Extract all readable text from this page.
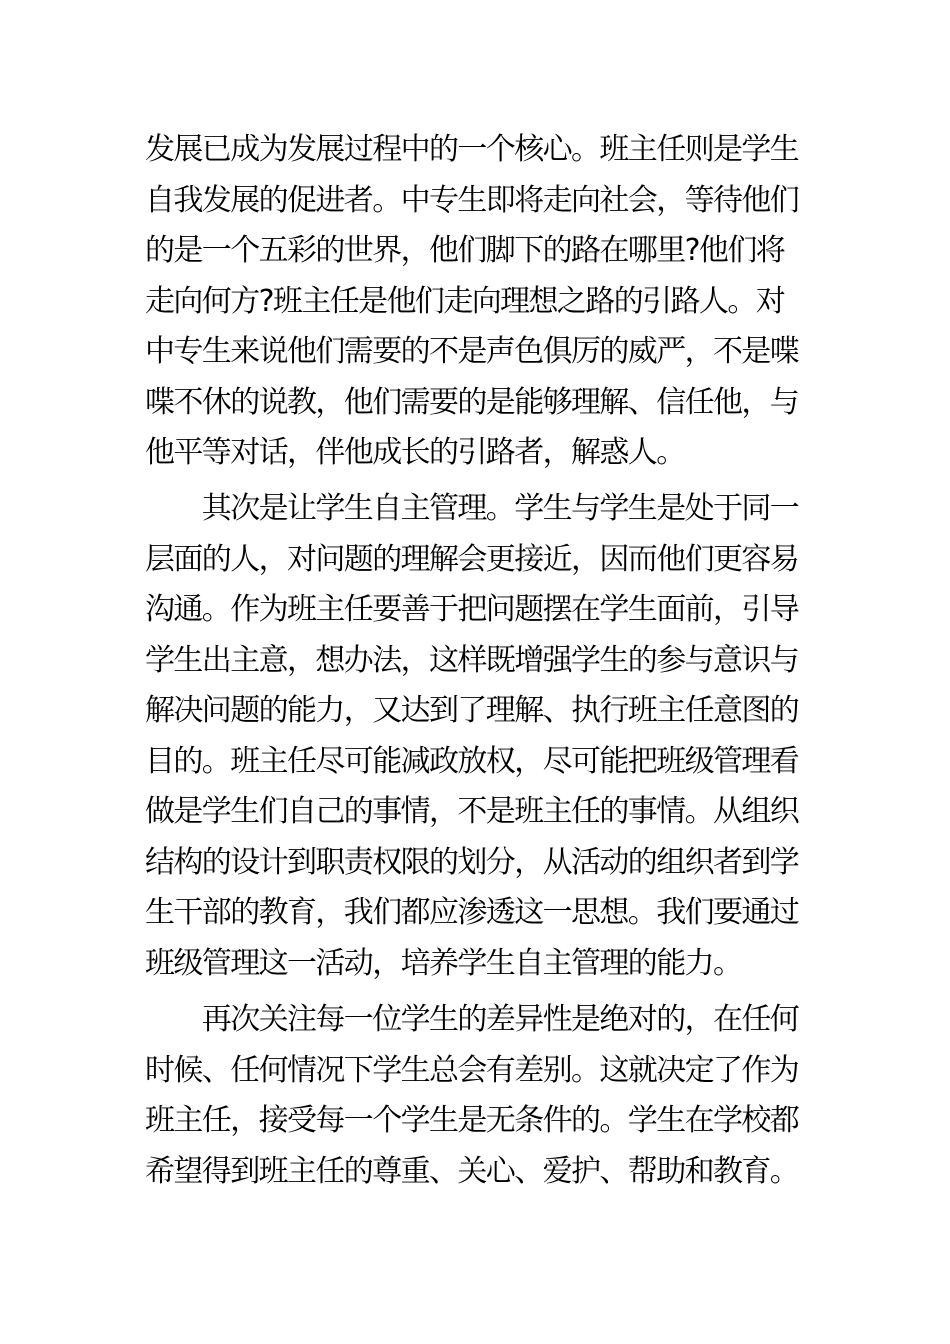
发展已成为发展过程中的一个核心。班主任则是学生
自我发展的促进者。中专生即将走向社会，等待他们
的是一个五彩的世界，他们脚下的路在哪里?他们将
走向何方?班主任是他们走向理想之路的引路人。对
中专生来说他们需要的不是声色俱厉的威严，不是喋
喋不休的说教，他们需要的是能够理解、信任他，与
他平等对话，伴他成长的引路者，解惑人。

　　其次是让学生自主管理。学生与学生是处于同一
层面的人，对问题的理解会更接近，因而他们更容易
沟通。作为班主任要善于把问题摆在学生面前，引导
学生出主意，想办法，这样既增强学生的参与意识与
解决问题的能力，又达到了理解、执行班主任意图的
目的。班主任尽可能减政放权，尽可能把班级管理看
做是学生们自己的事情，不是班主任的事情。从组织
结构的设计到职责权限的划分，从活动的组织者到学
生干部的教育，我们都应渗透这一思想。我们要通过
班级管理这一活动，培养学生自主管理的能力。

　　再次关注每一位学生的差异性是绝对的，在任何
时候、任何情况下学生总会有差别。这就决定了作为
班主任，接受每一个学生是无条件的。学生在学校都
希望得到班主任的尊重、关心、爱护、帮助和教育。
